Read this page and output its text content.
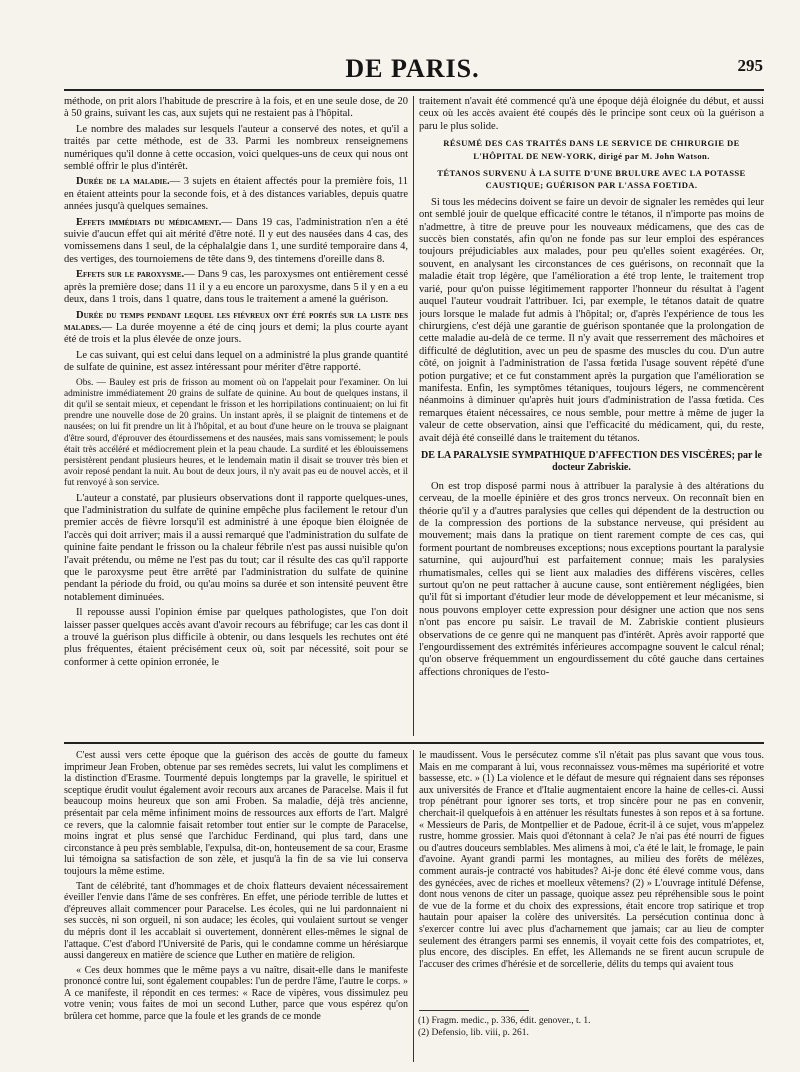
DE PARIS.	295

méthode, on prit alors l'habitude de prescrire à la fois, et en une seule dose, de 20 à 50 grains, suivant les cas, aux sujets qui ne restaient pas à l'hôpital.

Le nombre des malades sur lesquels l'auteur a conservé des notes, et qu'il a traités par cette méthode, est de 33. Parmi les nombreux renseignemens numériques qu'il donne à cette occasion, voici quelques-uns de ceux qui nous ont semblé offrir le plus d'intérêt.

Durée de la maladie.— 3 sujets en étaient affectés pour la première fois, 11 en étaient atteints pour la seconde fois, et à des distances variables, depuis quatre années jusqu'à quelques semaines.

Effets immédiats du médicament.— Dans 19 cas, l'administration n'en a été suivie d'aucun effet qui ait mérité d'être noté. Il y eut des nausées dans 4 cas, des vomissemens dans 1 seul, de la céphalalgie dans 1, une surdité temporaire dans 4, des vertiges, des tournoiemens de tête dans 9, des tintemens d'oreille dans 8.

Effets sur le paroxysme.— Dans 9 cas, les paroxysmes ont entièrement cessé après la première dose; dans 11 il y a eu encore un paroxysme, dans 5 il y en a eu deux, dans 1 trois, dans 1 quatre, dans tous le traitement a amené la guérison.

Durée du temps pendant lequel les fiévreux ont été portés sur la liste des malades.— La durée moyenne a été de cinq jours et demi; la plus courte ayant été de trois et la plus élevée de onze jours.

Le cas suivant, qui est celui dans lequel on a administré la plus grande quantité de sulfate de quinine, est assez intéressant pour mériter d'être rapporté.

Obs. — Bauley est pris de frisson au moment où on l'appelait pour l'examiner. On lui administre immédiatement 20 grains de sulfate de quinine. Au bout de quelques instans, il dit qu'il se sentait mieux, et cependant le frisson et les horripilations continuaient; on lui fit prendre une nouvelle dose de 20 grains. Un instant après, il se plaignit de tintemens et de nausées; on lui fit prendre un lit à l'hôpital, et au bout d'une heure on le trouva se plaignant d'être sourd, d'éprouver des étourdissemens et des nausées, mais sans vomissement; le pouls était très accéléré et médiocrement plein et la peau chaude. La surdité et les éblouissemens persistèrent pendant plusieurs heures, et le lendemain matin il disait se trouver très bien et avoir reposé pendant la nuit. Au bout de deux jours, il n'y avait pas eu de nouvel accès, et il fut renvoyé à son service.

L'auteur a constaté, par plusieurs observations dont il rapporte quelques-unes, que l'administration du sulfate de quinine empêche plus facilement le retour d'un premier accès de fièvre lorsqu'il est administré à une époque bien éloignée de l'accès qui doit arriver; mais il a aussi remarqué que l'administration du sulfate de quinine faite pendant le frisson ou la chaleur fébrile n'est pas aussi nuisible qu'on l'avait prétendu, ou même ne l'est pas du tout; car il résulte des cas qu'il rapporte que le paroxysme peut être arrêté par l'administration du sulfate de quinine pendant la période du froid, ou qu'au moins sa durée et son intensité peuvent être notablement diminuées.

Il repousse aussi l'opinion émise par quelques pathologistes, que l'on doit laisser passer quelques accès avant d'avoir recours au fébrifuge; car les cas dont il a trouvé la guérison plus difficile à obtenir, ou dans lesquels les rechutes ont été plus fréquentes, étaient précisément ceux où, soit par nécessité, soit pour se conformer à cette opinion erronée, le

traitement n'avait été commencé qu'à une époque déjà éloignée du début, et aussi ceux où les accès avaient été coupés dès le principe sont ceux où la guérison a paru le plus solide.

RÉSUMÉ DES CAS TRAITÉS DANS LE SERVICE DE CHIRURGIE DE L'HÔPITAL DE NEW-YORK, dirigé par M. John Watson.
TÉTANOS SURVENU À LA SUITE D'UNE BRULURE AVEC LA POTASSE CAUSTIQUE; GUÉRISON PAR L'ASSA FOETIDA.

Si tous les médecins doivent se faire un devoir de signaler les remèdes qui leur ont semblé jouir de quelque efficacité contre le tétanos, il n'importe pas moins de n'admettre, à titre de preuve pour les nouveaux médicamens, que des cas de succès bien constatés, afin qu'on ne fonde pas sur leur emploi des espérances toujours préjudiciables aux malades, pour peu qu'elles soient exagérées. Or, souvent, en analysant les circonstances de ces guérisons, on reconnaît que la maladie était trop légère, que l'amélioration a été trop lente, le traitement trop varié, pour qu'on puisse légitimement rapporter l'honneur du résultat à l'agent auquel l'auteur voudrait l'attribuer. Ici, par exemple, le tétanos datait de quatre jours lorsque le malade fut admis à l'hôpital; or, d'après l'expérience de tous les chirurgiens, c'est déjà une garantie de guérison spontanée que la prolongation de cette maladie au-delà de ce terme. Il n'y avait que resserrement des mâchoires et difficulté de déglutition, avec un peu de spasme des muscles du cou. D'un autre côté, on joignit à l'administration de l'assa fœtida l'usage souvent répété d'une potion purgative; et ce fut constamment après la purgation que l'amélioration se manifesta. Enfin, les symptômes tétaniques, toujours légers, ne commencèrent néanmoins à diminuer qu'après huit jours d'administration de l'assa fœtida. Ces remarques étaient nécessaires, ce nous semble, pour mettre à même de juger la valeur de cette observation, ainsi que l'efficacité du médicament, qui, du reste, avait déjà été conseillé dans le traitement du tétanos.

DE LA PARALYSIE SYMPATHIQUE D'AFFECTION DES VISCÈRES; par le docteur Zabriskie.

On est trop disposé parmi nous à attribuer la paralysie à des altérations du cerveau, de la moelle épinière et des gros troncs nerveux. On reconnaît bien en théorie qu'il y a d'autres paralysies que celles qui dépendent de la destruction ou de la compression des portions de la substance nerveuse, qui président au mouvement; mais dans la pratique on tient rarement compte de ces cas, qui forment pourtant de nombreuses exceptions; nous exceptions pourtant la paralysie saturnine, qui aujourd'hui est parfaitement connue; mais les paralysies rhumatismales, celles qui se lient aux maladies des différens viscères, celles surtout qu'on ne peut rattacher à aucune cause, sont entièrement négligées, bien qu'il fût si important d'étudier leur mode de développement et leur mécanisme, si nous pouvons employer cette expression pour désigner une action que nos sens n'ont pas encore pu saisir. Le travail de M. Zabriskie contient plusieurs observations de ce genre qui ne manquent pas d'intérêt. Après avoir rapporté que l'engourdissement des extrémités inférieures accompagne souvent le calcul rénal; qu'on observe fréquemment un engourdissement du côté gauche dans certaines affections chroniques de l'esto-

C'est aussi vers cette époque que la guérison des accès de goutte du fameux imprimeur Jean Froben, obtenue par ses remèdes secrets, lui valut les complimens et la distinction d'Erasme. Tourmenté depuis longtemps par la gravelle, le spirituel et sceptique érudit voulut également avoir recours aux arcanes de Paracelse. Mais il fut beaucoup moins heureux que son ami Froben. Sa maladie, déjà très ancienne, présentait par cela même infiniment moins de ressources aux efforts de l'art. Malgré ce revers, que la calomnie faisait retomber tout entier sur le compte de Paracelse, moins ingrat et plus sensé que l'archiduc Ferdinand, qui plus tard, dans une circonstance à peu près semblable, l'expulsa, dit-on, honteusement de sa cour, Erasme lui témoigna sa satisfaction de son zèle, et jusqu'à la fin de sa vie lui conserva toujours la même estime.

Tant de célébrité, tant d'hommages et de choix flatteurs devaient nécessairement éveiller l'envie dans l'âme de ses confrères. En effet, une période terrible de luttes et d'épreuves allait commencer pour Paracelse. Les écoles, qui ne lui pardonnaient ni ses succès, ni son orgueil, ni son audace; les écoles, qui voulaient surtout se venger du mépris dont il les accablait si ouvertement, donnèrent elles-mêmes le signal de l'attaque. C'est d'abord l'Université de Paris, qui le condamne comme un hérésiarque aussi dangereux en matière de science que Luther en matière de religion.

« Ces deux hommes que le même pays a vu naître, disait-elle dans le manifeste prononcé contre lui, sont également coupables: l'un de perdre l'âme, l'autre le corps. » A ce manifeste, il répondit en ces termes: « Race de vipères, vous dissimulez peu votre venin; vous faites de moi un second Luther, parce que vous espérez qu'on brûlera cet homme, parce que la foule et les grands de ce monde

le maudissent. Vous le persécutez comme s'il n'était pas plus savant que vous tous. Mais en me comparant à lui, vous reconnaissez vous-mêmes ma supériorité et votre bassesse, etc. » (1) La violence et le défaut de mesure qui régnaient dans ses réponses aux universités de France et d'Italie augmentaient encore la haine de celles-ci. Aussi trop pénétrant pour ignorer ses torts, et trop sincère pour ne pas en convenir, cherchait-il quelquefois à en atténuer les résultats funestes à son repos et à sa fortune. « Messieurs de Paris, de Montpellier et de Padoue, écrit-il à ce sujet, vous m'appelez rustre, homme grossier. Mais quoi d'étonnant à cela? Je n'ai pas été nourri de figues ou d'autres douceurs semblables. Mes alimens à moi, c'a été le lait, le fromage, le pain d'avoine. Ayant grandi parmi les montagnes, au milieu des forêts de mélèzes, comment aurais-je contracté vos habitudes? Ai-je donc été élevé comme vous, dans des gynécées, avec de riches et moelleux vêtemens? (2) » L'ouvrage intitulé Défense, dont nous venons de citer un passage, quoique assez peu répréhensible sous le point de vue de la forme et du choix des expressions, était encore trop satirique et trop hautain pour apaiser la colère des universités. La persécution continua donc à s'exercer contre lui avec plus d'acharnement que jamais; car au lieu de compter seulement des étrangers parmi ses ennemis, il voyait cette fois des compatriotes, et, plus encore, des disciples. En effet, les Allemands ne se firent aucun scrupule de l'accuser des crimes d'hérésie et de sorcellerie, délits du temps qui avaient tous

(1) Fragm. medic., p. 336, édit. genover., t. 1.
(2) Defensio, lib. viii, p. 261.
